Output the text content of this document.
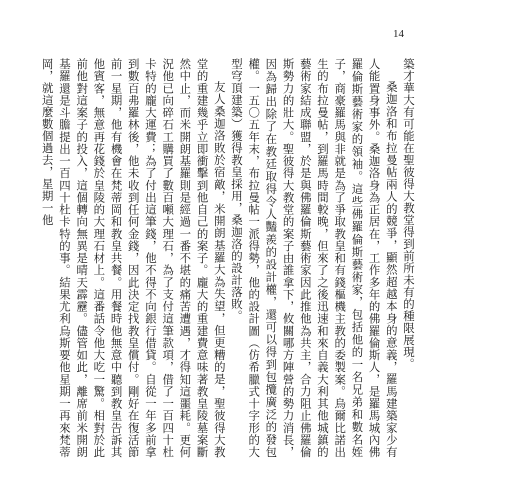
14

築才華大有可能在聖彼得大教堂得到前所未有的種限展現。

桑迦洛和布拉曼帖兩人的競爭，顯然超越本身的意義，羅馬建築家少有人能置身事外。桑迦洛身為正居在，工作多年的佛羅倫斯人，是羅馬城內佛羅倫斯藝術家的領袖。這些佛羅倫斯藝術家，包括他的一名兄弟和數名姪子，商豪羅馬與非就是為了爭取教皇和有錢樞機主教的委製案。烏爾比諾出生的布拉曼帖，到羅馬時間較晚，但來了之後迅速和來自義大利其他城鎮的藝術家結成聯盟，於是與佛羅倫斯藝術家因此推他為共主，合力阻止佛羅倫斯勢力的壯大。聖彼得大教堂的案子由誰拿下，攸關哪方陣營的勢力消長，因為歸出除了在教廷取得令人豔羨的設計權，還可以得到包攬廣泛的發包權。一五〇五年末，布拉曼帖一派得勢，他的設計圖（仿希臘式十字形的大型穹頂建築）獲得教皇採用，桑迦洛的設計落敗。

友人桑迦洛敗於宿敵，米開朗基羅大為失望，但更糟的是，聖彼得大教堂的重建幾乎立即衝擊到他自己的案子。龐大的重建費意味著教皇陵墓案斷然中止，而米開朗基羅則是經過一番不堪的痛苦遭遇，才得知這噩耗。更何況他已向碎石工購買了數百噸大理石，為了支付這筆款項，借了一百四十杜卡特的龐大運費；為了付出這筆錢，他不得不向銀行借貸。自從一年多前拿到數百弗羅林後，他未收到任何金錢，因此決定找教皇償付。剛好在復活節前一星期，他有機會在梵蒂岡和教皇共餐。用餐時他無意中聽到教皇告訴其他賓客，無意再花錢於皇陵的大理石材上。這番話令他大吃一驚。相對於此前他對這案子的投入，這個轉向無異是晴天霹靂。儘管如此，離席前米開朗基羅還是斗膽提出一百四十杜卡特的事。結果尤利烏斯要他星期一再來梵蒂岡，就這麼數個過去，星期一他
